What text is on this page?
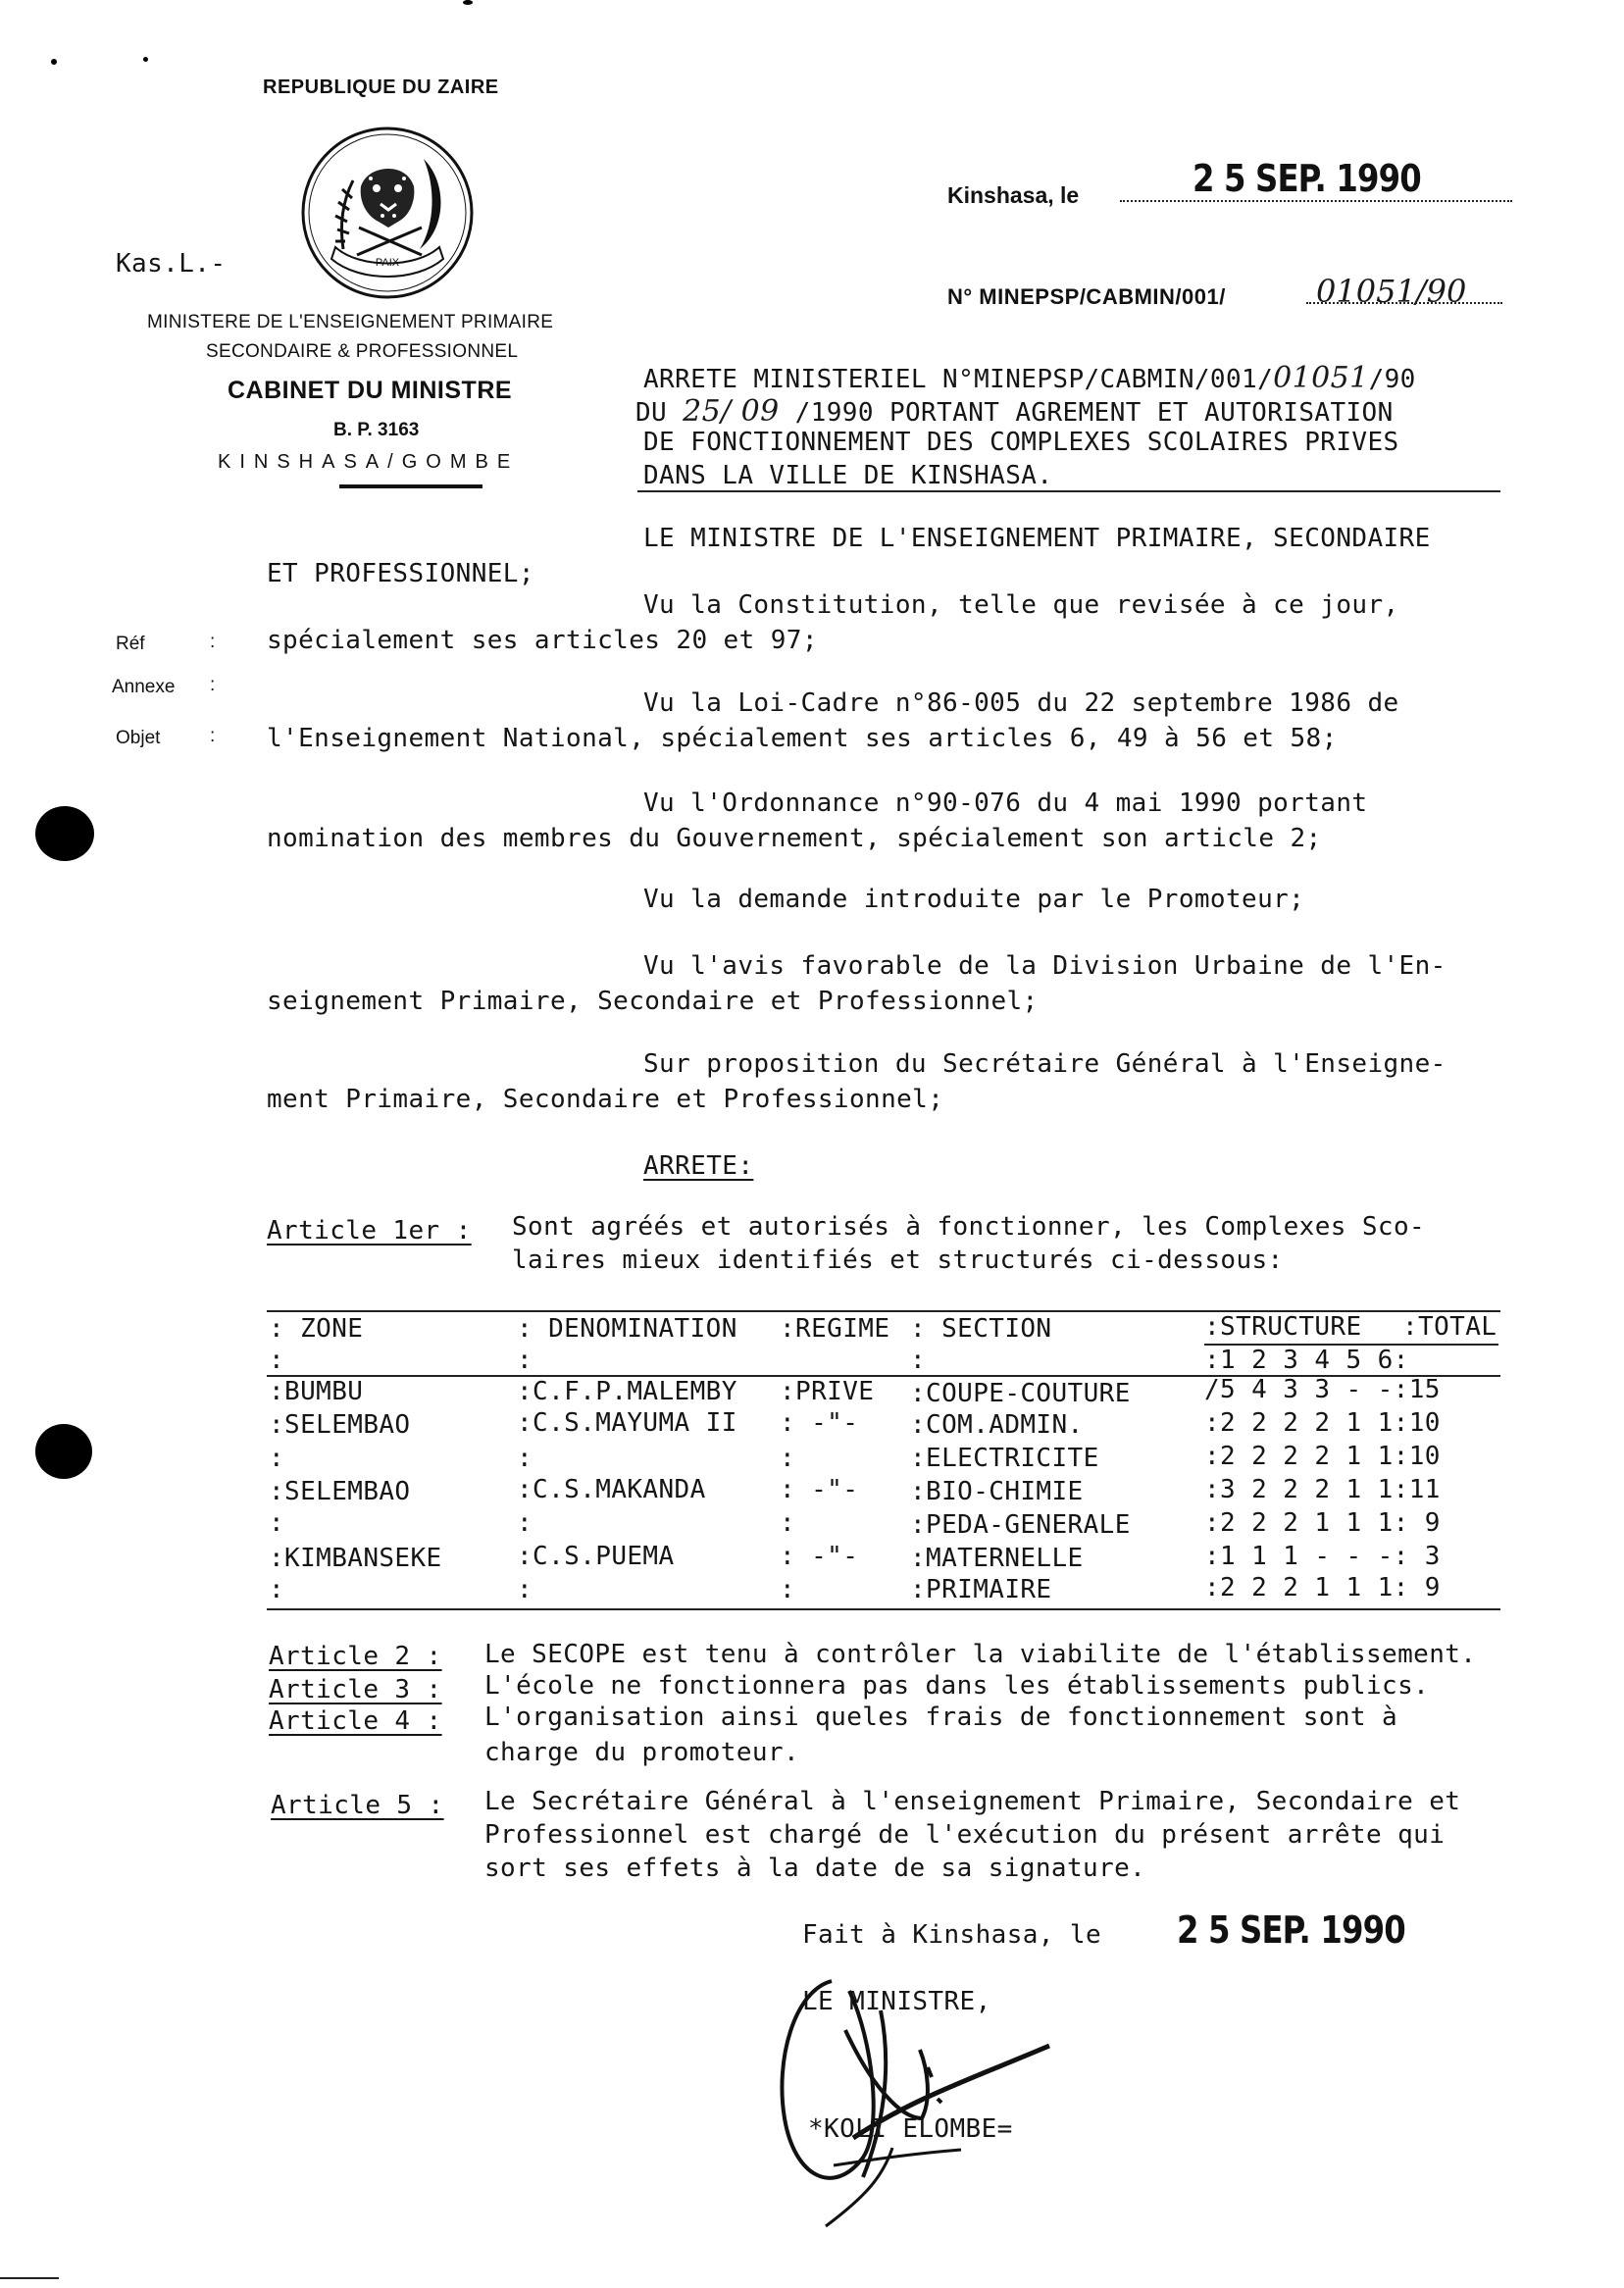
REPUBLIQUE DU ZAIRE
PAIX
Kas.L.-
MINISTERE DE L'ENSEIGNEMENT PRIMAIRE
SECONDAIRE & PROFESSIONNEL
CABINET DU MINISTRE
B. P. 3163
KINSHASA/GOMBE
Kinshasa, le	2 5 SEP. 1990
N° MINEPSP/CABMIN/001/	01051/90
ARRETE MINISTERIEL N°MINEPSP/CABMIN/001/01051/90
DU 25/ 09 /1990 PORTANT AGREMENT ET AUTORISATION
DE FONCTIONNEMENT DES COMPLEXES SCOLAIRES PRIVES
DANS LA VILLE DE KINSHASA.
Réf	:
Annexe :
Objet	:
LE MINISTRE DE L'ENSEIGNEMENT PRIMAIRE, SECONDAIRE
ET PROFESSIONNEL;
Vu la Constitution, telle que revisée à ce jour,
spécialement ses articles 20 et 97;
Vu la Loi-Cadre n°86-005 du 22 septembre 1986 de
l'Enseignement National, spécialement ses articles 6, 49 à 56 et 58;
Vu l'Ordonnance n°90-076 du 4 mai 1990 portant
nomination des membres du Gouvernement, spécialement son article 2;
Vu la demande introduite par le Promoteur;
Vu l'avis favorable de la Division Urbaine de l'En-
seignement Primaire, Secondaire et Professionnel;
Sur proposition du Secrétaire Général à l'Enseigne-
ment Primaire, Secondaire et Professionnel;
ARRETE:
Article 1er : Sont agréés et autorisés à fonctionner, les Complexes Sco-
laires mieux identifiés et structurés ci-dessous:
: ZONE	: DENOMINATION :REGIME : SECTION	:STRUCTURE :TOTAL
:	:	:	:1 2 3 4 5 6:
:BUMBU	:C.F.P.MALEMBY :PRIVE :COUPE-COUTURE	/5 4 3 3 - -:15
:SELEMBAO	:C.S.MAYUMA II : -"- :COM.ADMIN.	:2 2 2 2 1 1:10
:	:	:	:ELECTRICITE	:2 2 2 2 1 1:10
:SELEMBAO	:C.S.MAKANDA	: -"- :BIO-CHIMIE	:3 2 2 2 1 1:11
:	:	:	:PEDA-GENERALE	:2 2 2 1 1 1: 9
:KIMBANSEKE	:C.S.PUEMA	: -"- :MATERNELLE	:1 1 1 - - -: 3
:	:	:	:PRIMAIRE	:2 2 2 1 1 1: 9
Article 2 : Le SECOPE est tenu à contrôler la viabilite de l'établissement.
Article 3 : L'école ne fonctionnera pas dans les établissements publics.
Article 4 : L'organisation ainsi queles frais de fonctionnement sont à
charge du promoteur.
Article 5 : Le Secrétaire Général à l'enseignement Primaire, Secondaire et
Professionnel est chargé de l'exécution du présent arrête qui
sort ses effets à la date de sa signature.
Fait à Kinshasa, le 2 5 SEP. 1990
LE MINISTRE,
*KOLI ELOMBE=
